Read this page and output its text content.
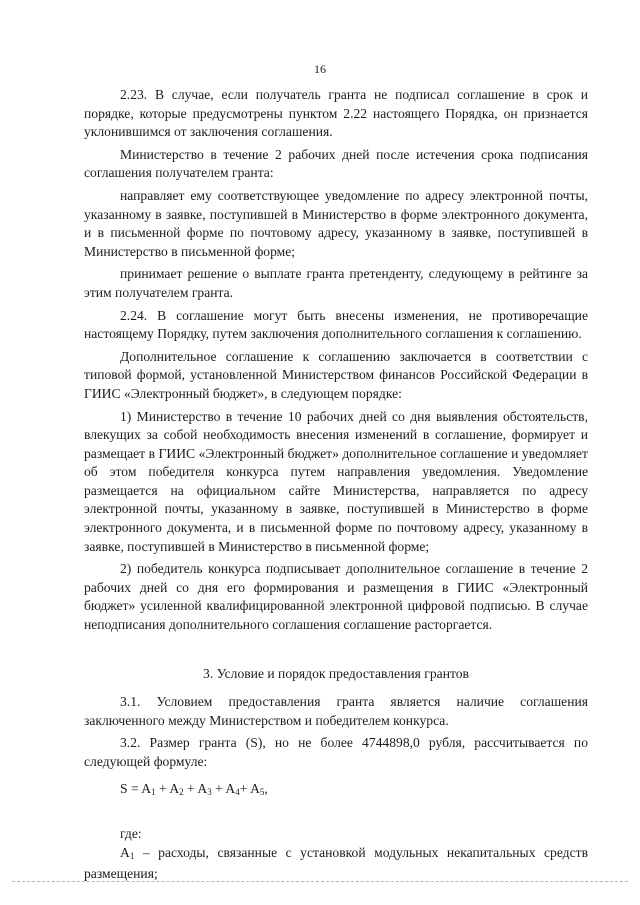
16

2.23. В случае, если получатель гранта не подписал соглашение в срок и порядке, которые предусмотрены пунктом 2.22 настоящего Порядка, он признается уклонившимся от заключения соглашения.

Министерство в течение 2 рабочих дней после истечения срока подписания соглашения получателем гранта:

направляет ему соответствующее уведомление по адресу электронной почты, указанному в заявке, поступившей в Министерство в форме электронного документа, и в письменной форме по почтовому адресу, указанному в заявке, поступившей в Министерство в письменной форме;

принимает решение о выплате гранта претенденту, следующему в рейтинге за этим получателем гранта.

2.24. В соглашение могут быть внесены изменения, не противоречащие настоящему Порядку, путем заключения дополнительного соглашения к соглашению.

Дополнительное соглашение к соглашению заключается в соответствии с типовой формой, установленной Министерством финансов Российской Федерации в ГИИС «Электронный бюджет», в следующем порядке:

1) Министерство в течение 10 рабочих дней со дня выявления обстоятельств, влекущих за собой необходимость внесения изменений в соглашение, формирует и размещает в ГИИС «Электронный бюджет» дополнительное соглашение и уведомляет об этом победителя конкурса путем направления уведомления. Уведомление размещается на официальном сайте Министерства, направляется по адресу электронной почты, указанному в заявке, поступившей в Министерство в форме электронного документа, и в письменной форме по почтовому адресу, указанному в заявке, поступившей в Министерство в письменной форме;

2) победитель конкурса подписывает дополнительное соглашение в течение 2 рабочих дней со дня его формирования и размещения в ГИИС «Электронный бюджет» усиленной квалифицированной электронной цифровой подписью. В случае неподписания дополнительного соглашения соглашение расторгается.

3. Условие и порядок предоставления грантов

3.1. Условием предоставления гранта является наличие соглашения заключенного между Министерством и победителем конкурса.

3.2. Размер гранта (S), но не более 4744898,0 рубля, рассчитывается по следующей формуле:

$S = A_1 + A_2 + A_3 + A_4+ A_5$,

где:

$A_1$ – расходы, связанные с установкой модульных некапитальных средств размещения;
